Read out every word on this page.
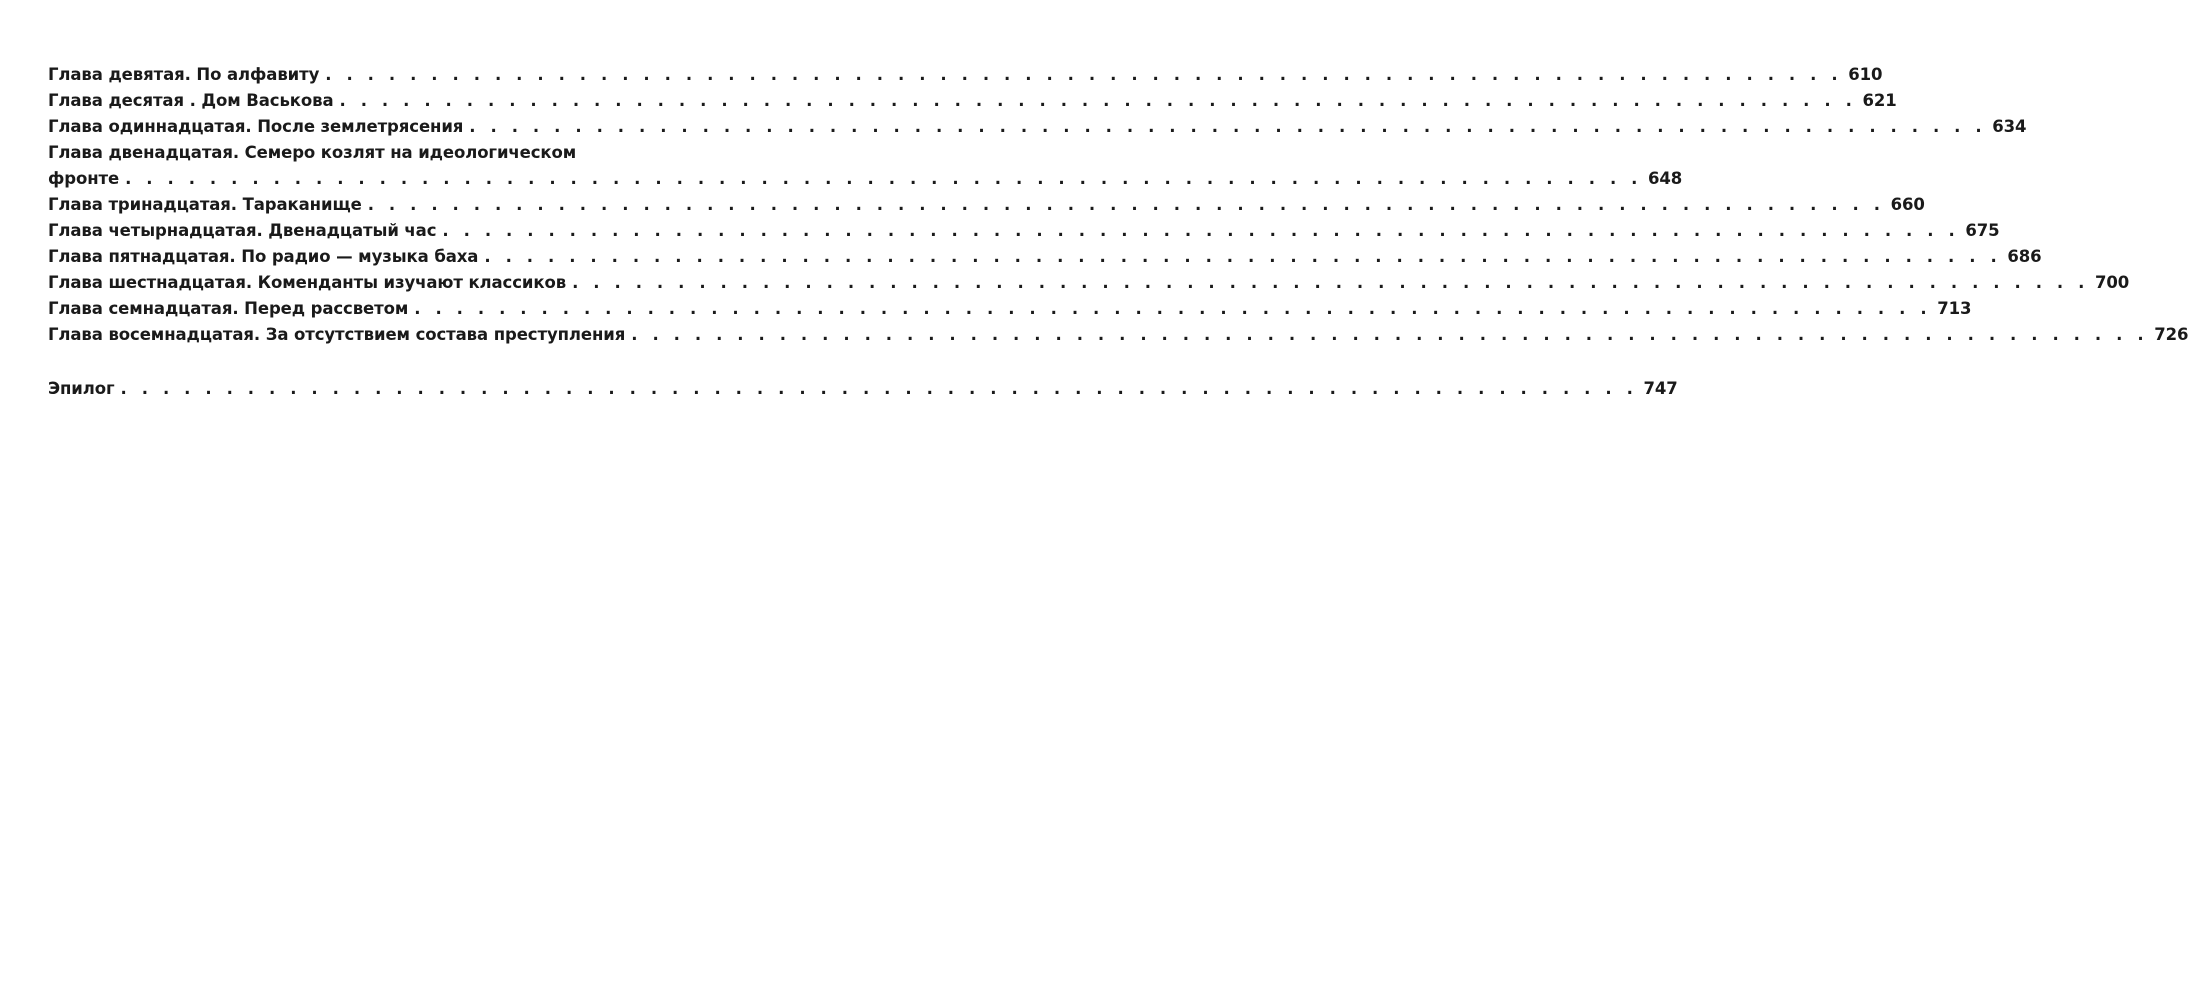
Глава девятая. По алфавиту . . . . . . . . . . . . . . . . . . . . . . . . . . . . . . . . . . . . . . . . . . . . . . . . . . . . . . . . . . . . . . . . . . . . . . . . 610
Глава десятая . Дом Васькова . . . . . . . . . . . . . . . . . . . . . . . . . . . . . . . . . . . . . . . . . . . . . . . . . . . . . . . . . . . . . . . . . . . . . . . . 621
Глава одиннадцатая. После землетрясения . . . . . . . . . . . . . . . . . . . . . . . . . . . . . . . . . . . . . . . . . . . . . . . . . . . . . . . . . . . . . . . . . . . . . . . . 634
Глава двенадцатая. Семеро козлят на идеологическом
фронте . . . . . . . . . . . . . . . . . . . . . . . . . . . . . . . . . . . . . . . . . . . . . . . . . . . . . . . . . . . . . . . . . . . . . . . . 648
Глава тринадцатая. Тараканище . . . . . . . . . . . . . . . . . . . . . . . . . . . . . . . . . . . . . . . . . . . . . . . . . . . . . . . . . . . . . . . . . . . . . . . . 660
Глава четырнадцатая. Двенадцатый час . . . . . . . . . . . . . . . . . . . . . . . . . . . . . . . . . . . . . . . . . . . . . . . . . . . . . . . . . . . . . . . . . . . . . . . . 675
Глава пятнадцатая. По радио — музыка баха . . . . . . . . . . . . . . . . . . . . . . . . . . . . . . . . . . . . . . . . . . . . . . . . . . . . . . . . . . . . . . . . . . . . . . . . 686
Глава шестнадцатая. Коменданты изучают классиков . . . . . . . . . . . . . . . . . . . . . . . . . . . . . . . . . . . . . . . . . . . . . . . . . . . . . . . . . . . . . . . . . . . . . . . . 700
Глава семнадцатая. Перед рассветом . . . . . . . . . . . . . . . . . . . . . . . . . . . . . . . . . . . . . . . . . . . . . . . . . . . . . . . . . . . . . . . . . . . . . . . . 713
Глава восемнадцатая. За отсутствием состава преступления . . . . . . . . . . . . . . . . . . . . . . . . . . . . . . . . . . . . . . . . . . . . . . . . . . . . . . . . . . . . . . . . . . . . . . . . 726
Эпилог . . . . . . . . . . . . . . . . . . . . . . . . . . . . . . . . . . . . . . . . . . . . . . . . . . . . . . . . . . . . . . . . . . . . . . . . 747
